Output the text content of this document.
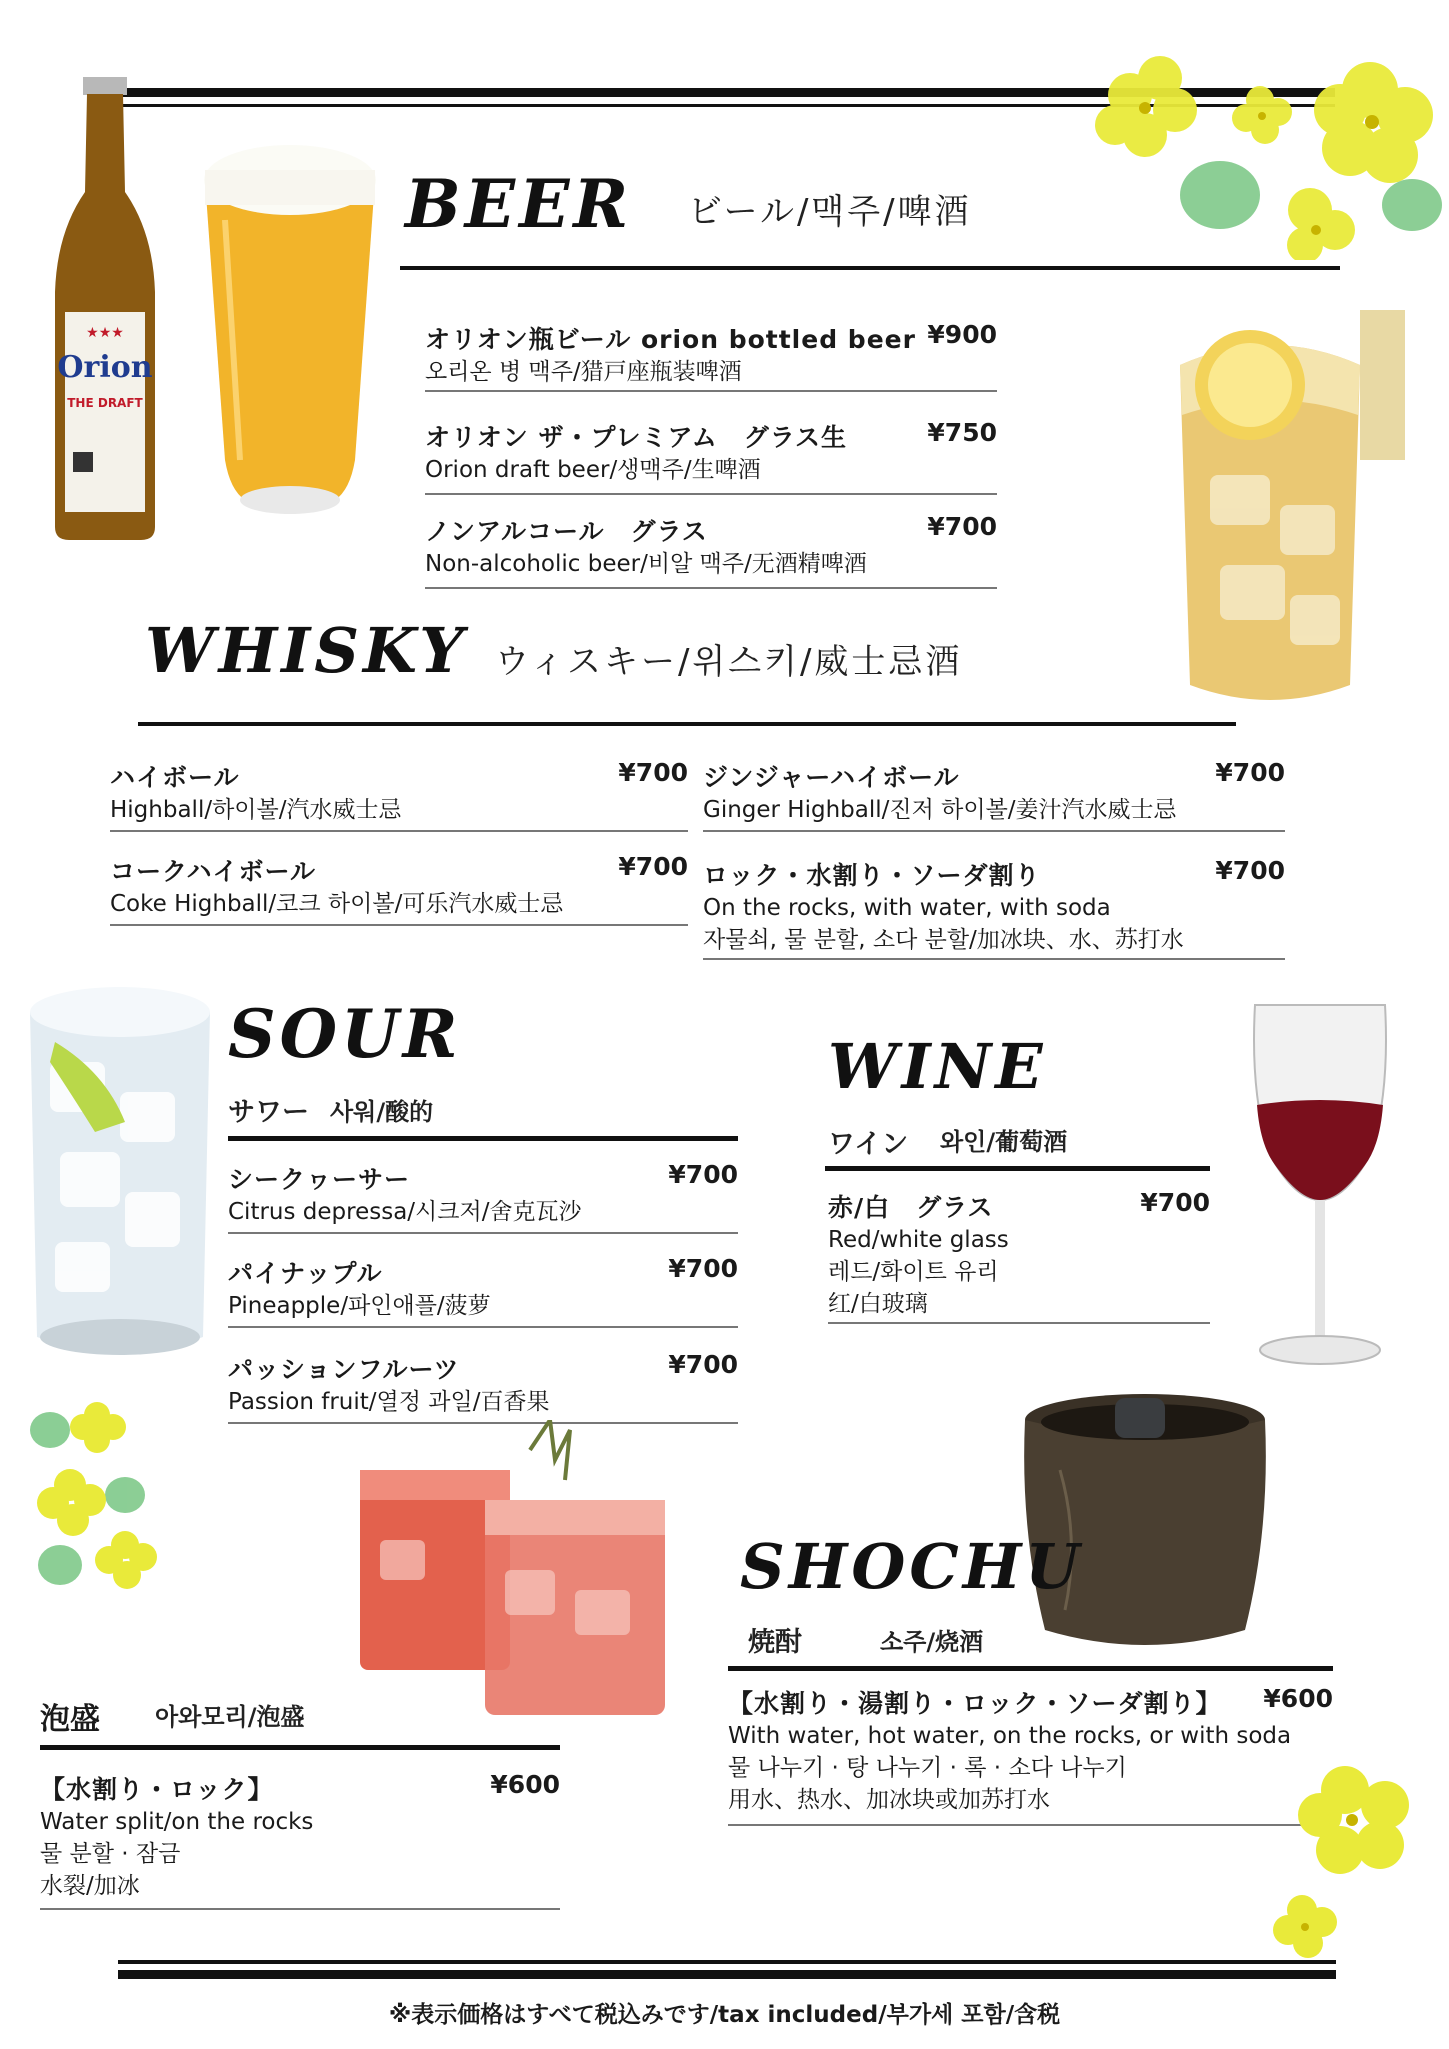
Orion
THE DRAFT
★★★
BEER ビール/맥주/啤酒
オリオン瓶ビール orion bottled beer
오리온 병 맥주/猎戸座瓶装啤酒
¥900
オリオン ザ・プレミアム　グラス生
Orion draft beer/생맥주/生啤酒
¥750
ノンアルコール　グラス
Non-alcoholic beer/비알 맥주/无酒精啤酒
¥700
WHISKY ウィスキー/위스키/威士忌酒
ハイボール
Highball/하이볼/汽水威士忌
¥700 ジンジャーハイボール
Ginger Highball/진저 하이볼/姜汁汽水威士忌
¥700
コークハイボール
Coke Highball/코크 하이볼/可乐汽水威士忌
¥700 ロック・水割り・ソーダ割り
On the rocks, with water, with soda
자물쇠, 물 분할, 소다 분할/加冰块、水、苏打水
¥700
SOUR
サワー 사워/酸的
シークヮーサー
Citrus depressa/시크저/舍克瓦沙
¥700
パイナップル
Pineapple/파인애플/菠萝
¥700
パッションフルーツ
Passion fruit/열정 과일/百香果
¥700
WINE
ワイン 와인/葡萄酒
赤/白　グラス
Red/white glass
레드/화이트 유리
红/白玻璃
¥700
SHOCHU
焼酎	소주/烧酒
【水割り・湯割り・ロック・ソーダ割り】
With water, hot water, on the rocks, or with soda
물 나누기 · 탕 나누기 · 록 · 소다 나누기
用水、热水、加冰块或加苏打水
¥600
泡盛 아와모리/泡盛
【水割り・ロック】
Water split/on the rocks
물 분할 · 잠금
水裂/加冰
¥600
※表示価格はすべて税込みです/tax included/부가세 포함/含税
